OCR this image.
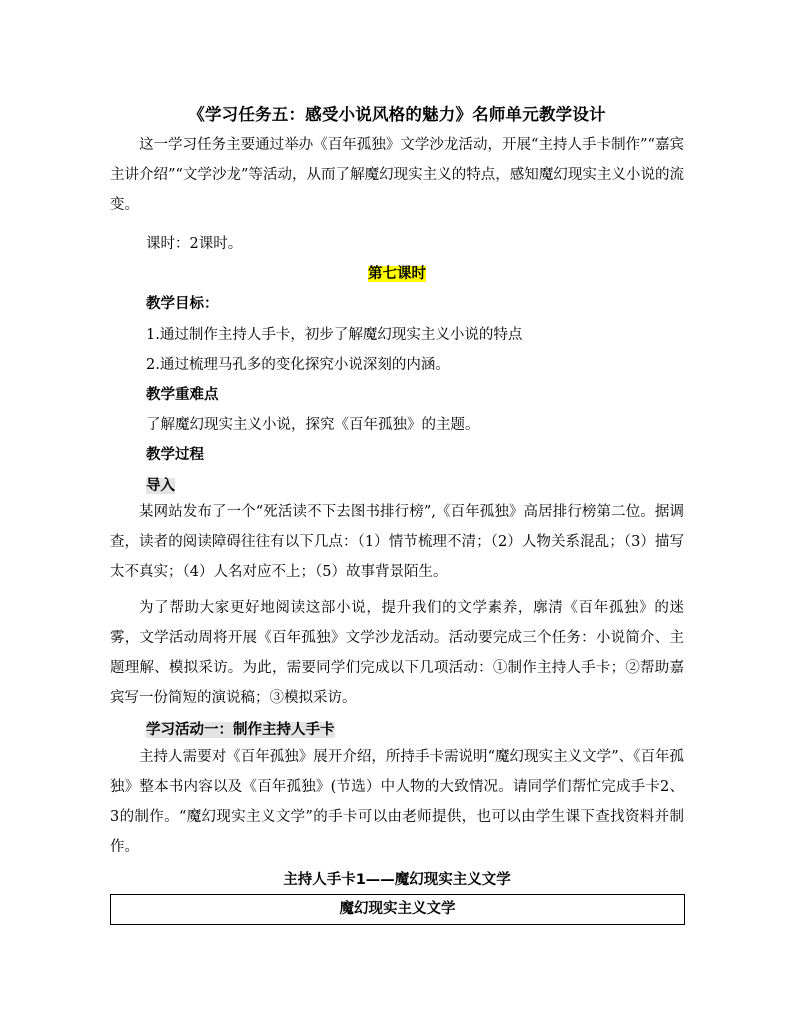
《学习任务五：感受小说风格的魅力》名师单元教学设计
这一学习任务主要通过举办《百年孤独》文学沙龙活动，开展“主持人手卡制作”“嘉宾主讲介绍”“文学沙龙”等活动，从而了解魔幻现实主义的特点，感知魔幻现实主义小说的流变。
课时：2课时。
第七课时
教学目标：
1.通过制作主持人手卡，初步了解魔幻现实主义小说的特点
2.通过梳理马孔多的变化探究小说深刻的内涵。
教学重难点
了解魔幻现实主义小说，探究《百年孤独》的主题。
教学过程
导入
某网站发布了一个“死活读不下去图书排行榜”,《百年孤独》高居排行榜第二位。据调查，读者的阅读障碍往往有以下几点：（1）情节梳理不清；（2）人物关系混乱；（3）描写太不真实；（4）人名对应不上；（5）故事背景陌生。
为了帮助大家更好地阅读这部小说，提升我们的文学素养，廓清《百年孤独》的迷雾，文学活动周将开展《百年孤独》文学沙龙活动。活动要完成三个任务：小说简介、主题理解、模拟采访。为此，需要同学们完成以下几项活动：①制作主持人手卡；②帮助嘉宾写一份简短的演说稿；③模拟采访。
学习活动一：制作主持人手卡
主持人需要对《百年孤独》展开介绍，所持手卡需说明“魔幻现实主义文学”、《百年孤独》整本书内容以及《百年孤独》(节选）中人物的大致情况。请同学们帮忙完成手卡2、3的制作。“魔幻现实主义文学”的手卡可以由老师提供，也可以由学生课下查找资料并制作。
主持人手卡1——魔幻现实主义文学
魔幻现实主义文学
